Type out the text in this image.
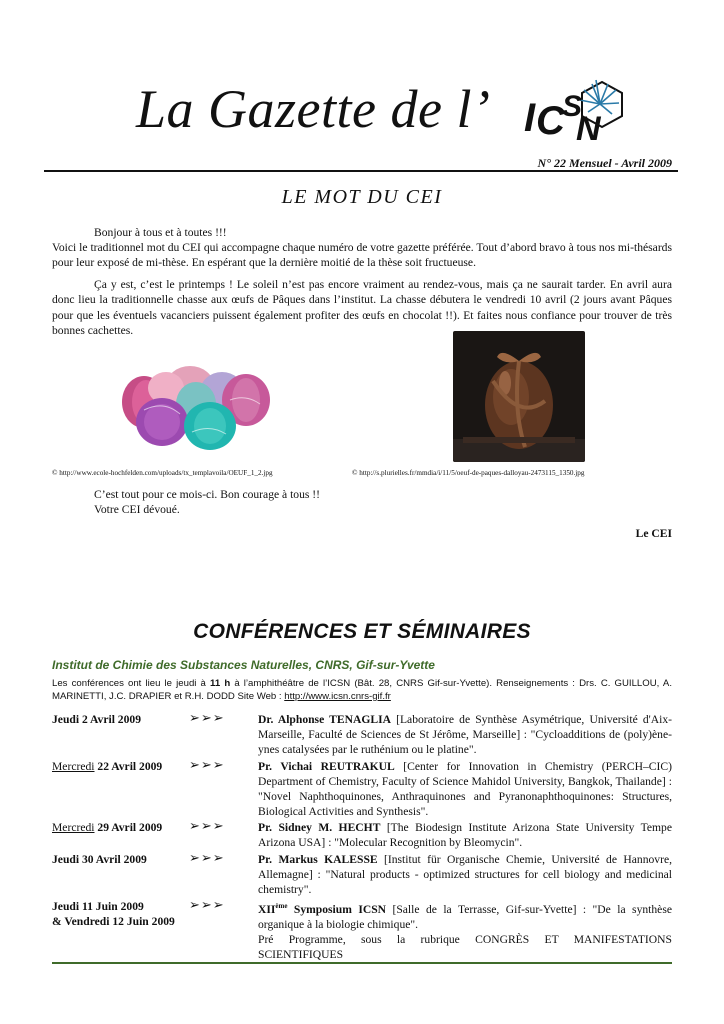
La Gazette de l’ I C
S
N
N° 22 Mensuel - Avril 2009
LE MOT DU CEI
Bonjour à tous et à toutes !!!
Voici le traditionnel mot du CEI qui accompagne chaque numéro de votre gazette préférée. Tout d’abord bravo à tous nos mi-thésards pour leur exposé de mi-thèse. En espérant que la dernière moitié de la thèse soit fructueuse.
Ça y est, c’est le printemps ! Le soleil n’est pas encore vraiment au rendez-vous, mais ça ne saurait tarder. En avril aura donc lieu la traditionnelle chasse aux œufs de Pâques dans l’institut. La chasse débutera le vendredi 10 avril (2 jours avant Pâques pour que les éventuels vacanciers puissent également profiter des œufs en chocolat !!). Et faites nous confiance pour trouver de très bonnes cachettes.
© http://www.ecole-hochfelden.com/uploads/tx_templavoila/OEUF_1_2.jpg	© http://s.plurielles.fr/mmdia/i/11/5/oeuf-de-paques-dalloyau-2473115_1350.jpg
C’est tout pour ce mois-ci. Bon courage à tous !!
Votre CEI dévoué.
Le CEI
CONFÉRENCES ET SÉMINAIRES
Institut de Chimie des Substances Naturelles, CNRS, Gif-sur-Yvette
Les conférences ont lieu le jeudi à 11 h à l’amphithéâtre de l’ICSN (Bât. 28, CNRS Gif-sur-Yvette). Renseignements : Drs. C. GUILLOU, A. MARINETTI, J.C. DRAPIER et R.H. DODD Site Web : http://www.icsn.cnrs-gif.fr
Jeudi 2 Avril 2009	➢➢➢	Dr. Alphonse TENAGLIA [Laboratoire de Synthèse Asymétrique, Université d'Aix-Marseille, Faculté de Sciences de St Jérôme, Marseille] : "Cycloadditions de (poly)ène-ynes catalysées par le ruthénium ou le platine".
Mercredi 22 Avril 2009 ➢➢➢	Pr. Vichai REUTRAKUL [Center for Innovation in Chemistry (PERCH–CIC) Department of Chemistry, Faculty of Science Mahidol University, Bangkok, Thailande] : "Novel Naphthoquinones, Anthraquinones and Pyranonaphthoquinones: Structures, Biological Activities and Synthesis".
Mercredi 29 Avril 2009 ➢➢➢	Pr. Sidney M. HECHT [The Biodesign Institute Arizona State University Tempe Arizona USA] : "Molecular Recognition by Bleomycin".
Jeudi 30 Avril 2009	➢➢➢	Pr. Markus KALESSE [Institut für Organische Chemie, Université de Hannovre, Allemagne] : "Natural products - optimized structures for cell biology and medicinal chemistry".
Jeudi 11 Juin 2009
& Vendredi 12 Juin 2009
➢➢➢	XIIème Symposium ICSN [Salle de la Terrasse, Gif-sur-Yvette] : "De la synthèse organique à la biologie chimique".
Pré Programme, sous la rubrique CONGRÈS ET MANIFESTATIONS SCIENTIFIQUES
